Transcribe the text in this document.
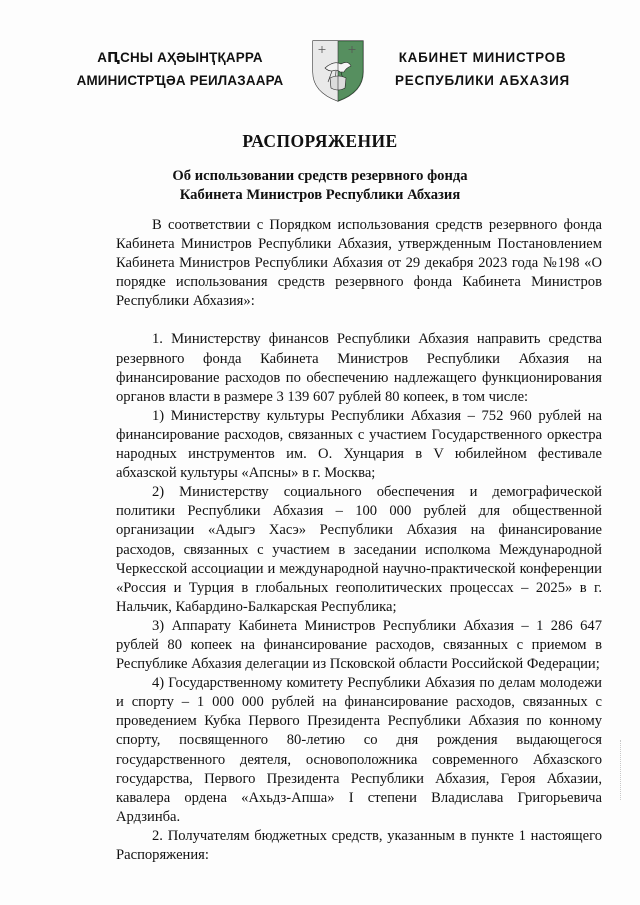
АԤСНЫ АҲӘЫНҬҚАРРА
АМИНИСТРҴӘА РЕИЛАЗААРА
КАБИНЕТ МИНИСТРОВ
РЕСПУБЛИКИ АБХАЗИЯ
РАСПОРЯЖЕНИЕ
Об использовании средств резервного фонда
Кабинета Министров Республики Абхазия

В соответствии с Порядком использования средств резервного фонда Кабинета Министров Республики Абхазия, утвержденным Постановлением Кабинета Министров Республики Абхазия от 29 декабря 2023 года №198 «О порядке использования средств резервного фонда Кабинета Министров Республики Абхазия»:

1. Министерству финансов Республики Абхазия направить средства резервного фонда Кабинета Министров Республики Абхазия на финансирование расходов по обеспечению надлежащего функционирования органов власти в размере 3 139 607 рублей 80 копеек, в том числе:

1) Министерству культуры Республики Абхазия – 752 960 рублей на финансирование расходов, связанных с участием Государственного оркестра народных инструментов им. О. Хунцария в V юбилейном фестивале абхазской культуры «Апсны» в г. Москва;

2) Министерству социального обеспечения и демографической политики Республики Абхазия – 100 000 рублей для общественной организации «Адыгэ Хасэ» Республики Абхазия на финансирование расходов, связанных с участием в заседании исполкома Международной Черкесской ассоциации и международной научно-практической конференции «Россия и Турция в глобальных геополитических процессах – 2025» в г. Нальчик, Кабардино-Балкарская Республика;

3) Аппарату Кабинета Министров Республики Абхазия – 1 286 647 рублей 80 копеек на финансирование расходов, связанных с приемом в Республике Абхазия делегации из Псковской области Российской Федерации;

4) Государственному комитету Республики Абхазия по делам молодежи и спорту – 1 000 000 рублей на финансирование расходов, связанных с проведением Кубка Первого Президента Республики Абхазия по конному спорту, посвященного 80-летию со дня рождения выдающегося государственного деятеля, основоположника современного Абхазского государства, Первого Президента Республики Абхазия, Героя Абхазии, кавалера ордена «Ахьдз-Апша» I степени Владислава Григорьевича Ардзинба.

2. Получателям бюджетных средств, указанным в пункте 1 настоящего Распоряжения:
